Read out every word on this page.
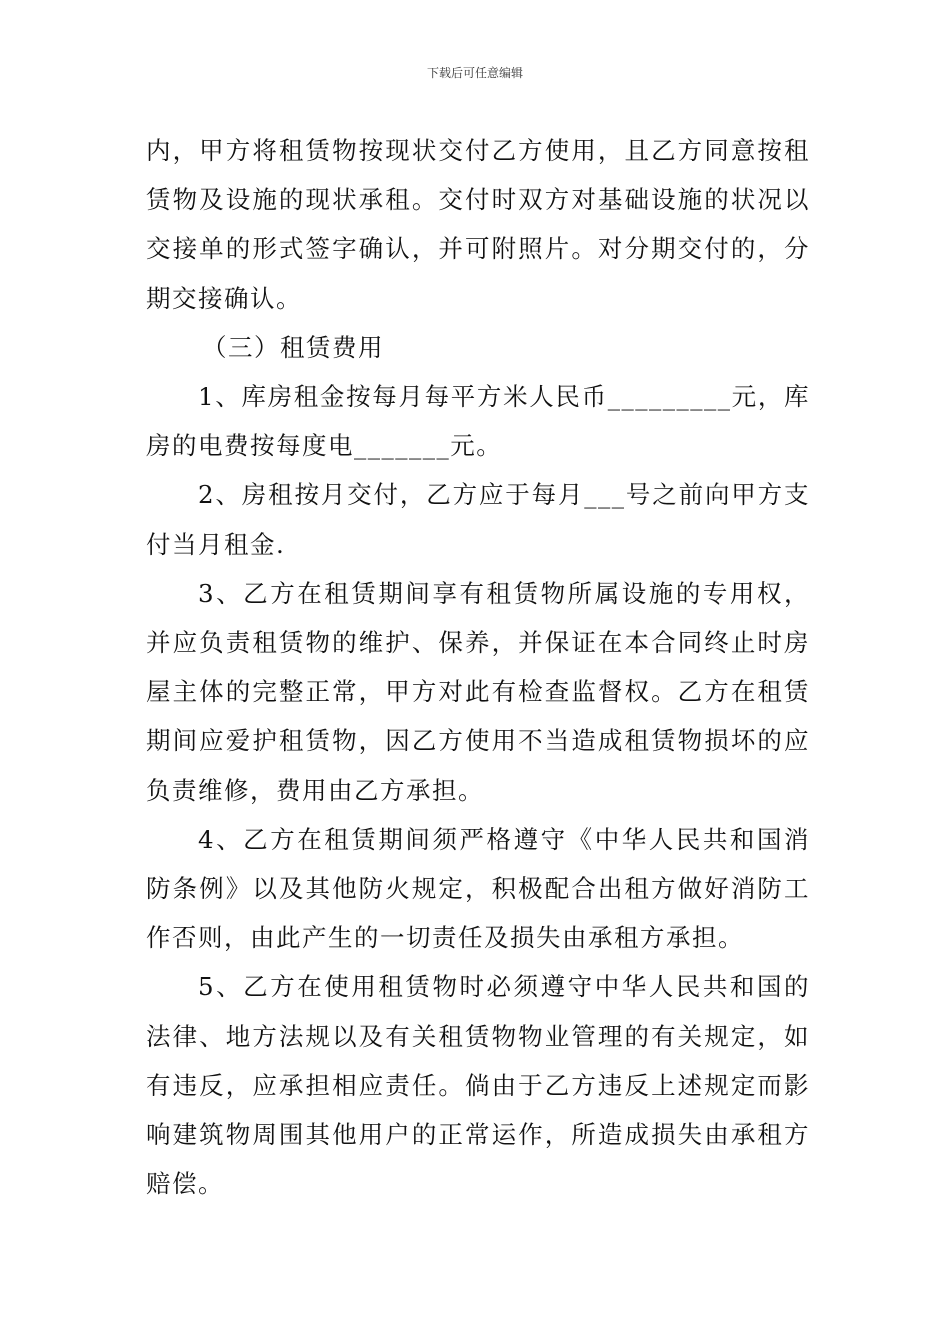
下载后可任意编辑

内，甲方将租赁物按现状交付乙方使用，且乙方同意按租赁物及设施的现状承租。交付时双方对基础设施的状况以交接单的形式签字确认，并可附照片。对分期交付的，分期交接确认。

（三）租赁费用

1、库房租金按每月每平方米人民币_________元，库房的电费按每度电_______元。

2、房租按月交付，乙方应于每月___号之前向甲方支付当月租金.

3、乙方在租赁期间享有租赁物所属设施的专用权，并应负责租赁物的维护、保养，并保证在本合同终止时房屋主体的完整正常，甲方对此有检查监督权。乙方在租赁期间应爱护租赁物，因乙方使用不当造成租赁物损坏的应负责维修，费用由乙方承担。

4、乙方在租赁期间须严格遵守《中华人民共和国消防条例》以及其他防火规定，积极配合出租方做好消防工作否则，由此产生的一切责任及损失由承租方承担。

5、乙方在使用租赁物时必须遵守中华人民共和国的法律、地方法规以及有关租赁物物业管理的有关规定，如有违反，应承担相应责任。倘由于乙方违反上述规定而影响建筑物周围其他用户的正常运作，所造成损失由承租方赔偿。
